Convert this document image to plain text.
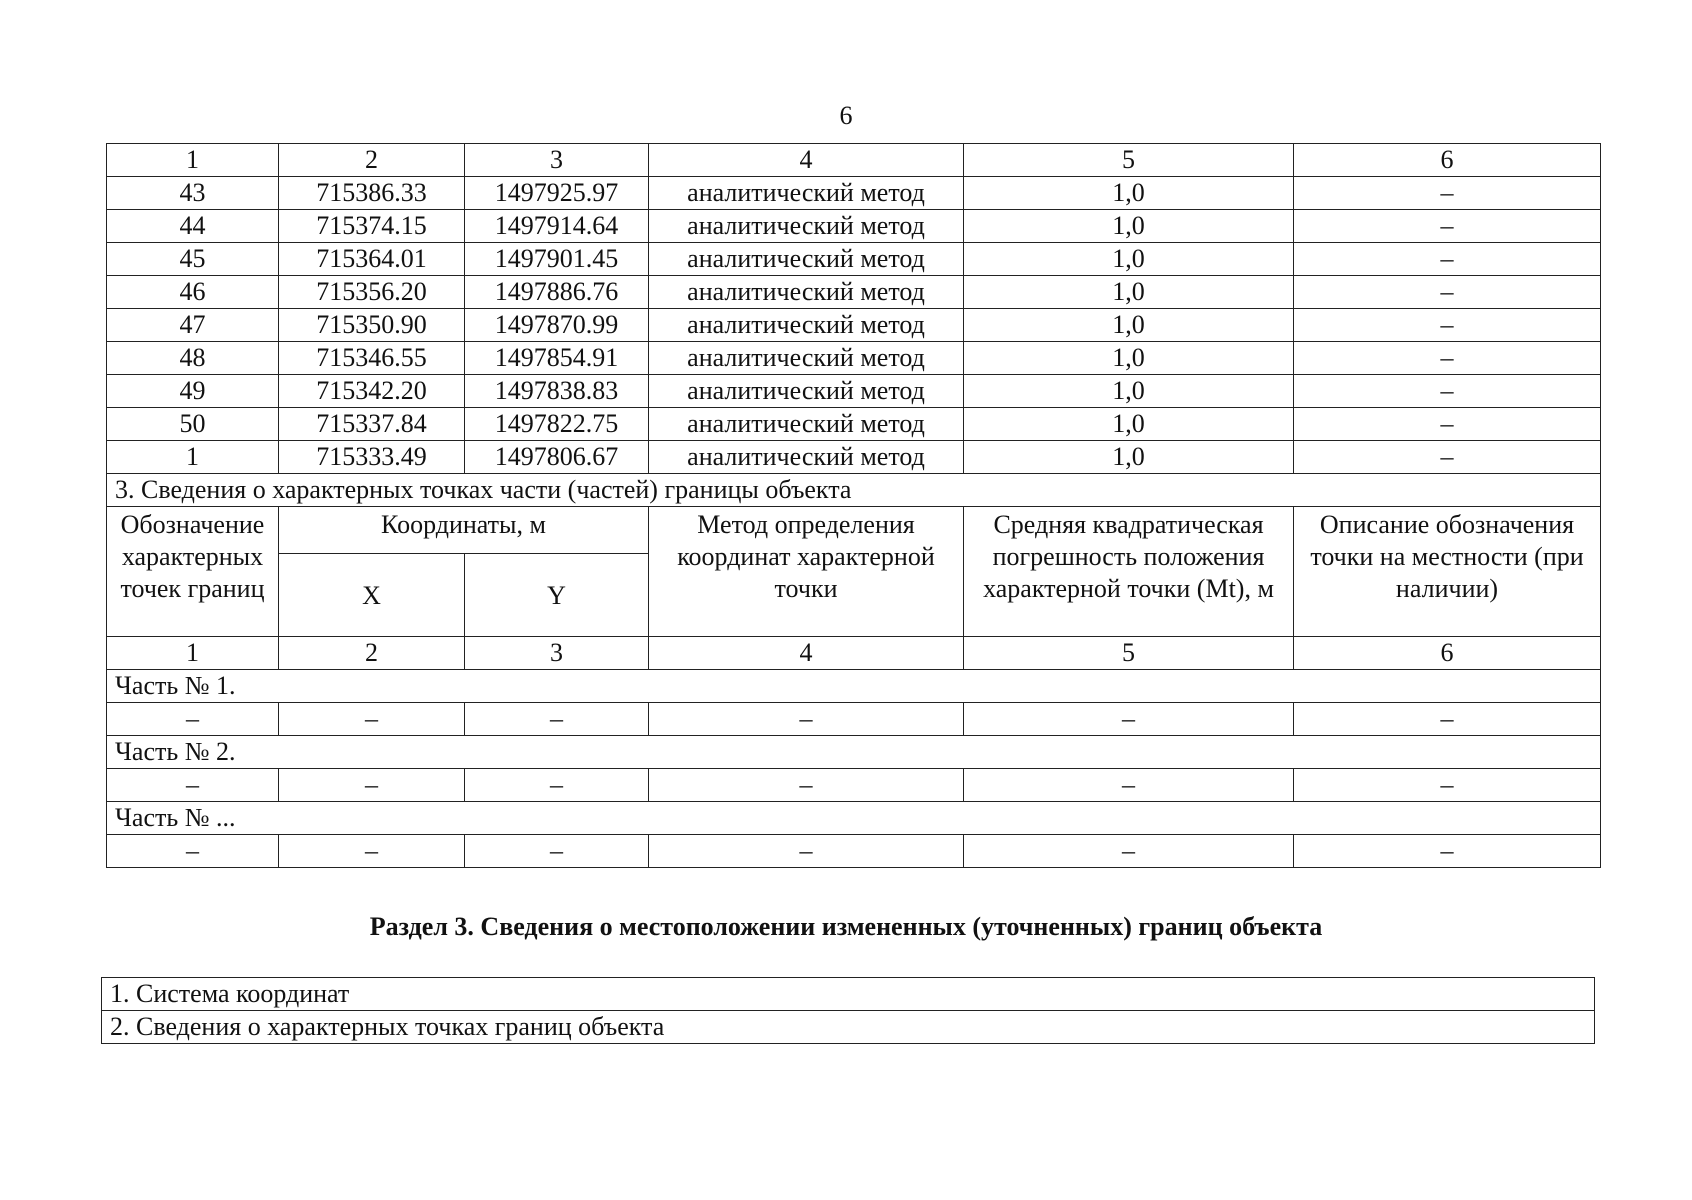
6
1	2	3	4	5	6
43	715386.33	1497925.97	аналитический метод	1,0	–
44	715374.15	1497914.64	аналитический метод	1,0	–
45	715364.01	1497901.45	аналитический метод	1,0	–
46	715356.20	1497886.76	аналитический метод	1,0	–
47	715350.90	1497870.99	аналитический метод	1,0	–
48	715346.55	1497854.91	аналитический метод	1,0	–
49	715342.20	1497838.83	аналитический метод	1,0	–
50	715337.84	1497822.75	аналитический метод	1,0	–
1	715333.49	1497806.67	аналитический метод	1,0	–
3. Сведения о характерных точках части (частей) границы объекта					
Обозначение характерных точек границ	Координаты, м		Метод определения координат характерной точки	Средняя квадратическая погрешность положения характерной точки (Mt), м	Описание обозначения точки на местности (при наличии)
	X	Y			
1	2	3	4	5	6
Часть № 1.					
–	–	–	–	–	–
Часть № 2.					
–	–	–	–	–	–
Часть № ...					
–	–	–	–	–	–
Раздел 3. Сведения о местоположении измененных (уточненных) границ объекта
1. Система координат
2. Сведения о характерных точках границ объекта
